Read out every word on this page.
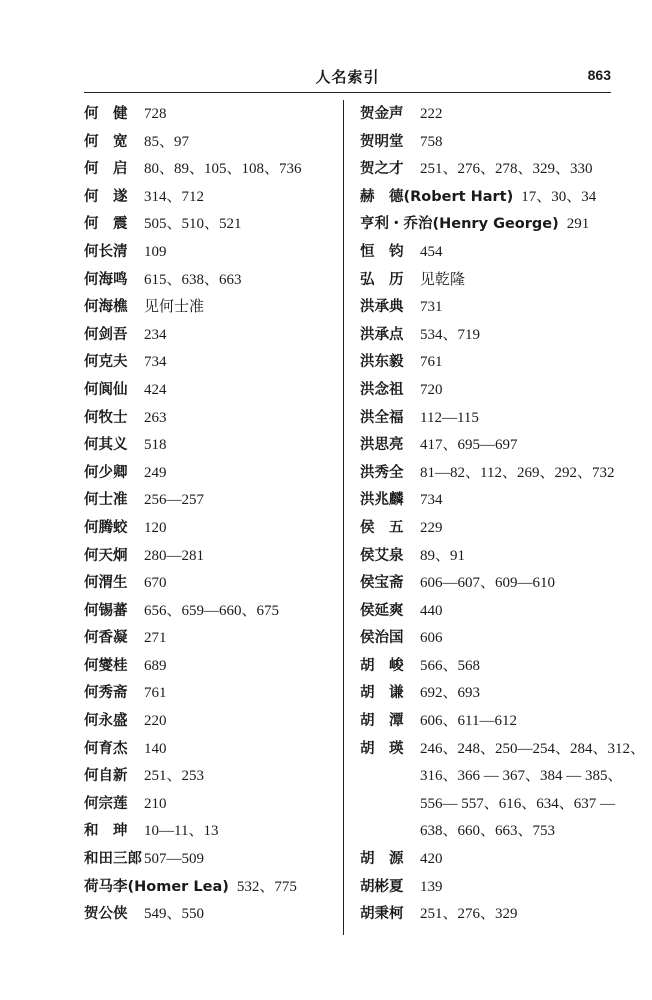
人名索引	863
何　健	728
何　宽	85、97
何　启	80、89、105、108、736
何　遂	314、712
何　震	505、510、521
何长清	109
何海鸣	615、638、663
何海樵	见何士准
何剑吾	234
何克夫	734
何阆仙	424
何牧士	263
何其义	518
何少卿	249
何士准	256—257
何腾蛟	120
何天炯	280—281
何渭生	670
何锡蕃	656、659—660、675
何香凝	271
何燮桂	689
何秀斋	761
何永盛	220
何育杰	140
何自新	251、253
何宗莲	210
和　珅	10—11、13
和田三郎 507—509
荷马李(Homer Lea) 532、775
贺公侠	549、550
贺金声	222
贺明堂	758
贺之才	251、276、278、329、330
赫　德(Robert Hart) 17、30、34
亨利・乔治(Henry George) 291
恒　钧	454
弘　历	见乾隆
洪承典	731
洪承点	534、719
洪东毅	761
洪念祖	720
洪全福	112—115
洪思亮	417、695—697
洪秀全	81—82、112、269、292、732
洪兆麟	734
侯　五	229
侯艾泉	89、91
侯宝斋	606—607、609—610
侯延爽	440
侯治国	606
胡　峻	566、568
胡　谦	692、693
胡　潭	606、611—612
胡　瑛	246、248、250—254、284、312、
316、366 — 367、384 — 385、
556— 557、616、634、637 —
638、660、663、753
胡　源	420
胡彬夏	139
胡秉柯	251、276、329
